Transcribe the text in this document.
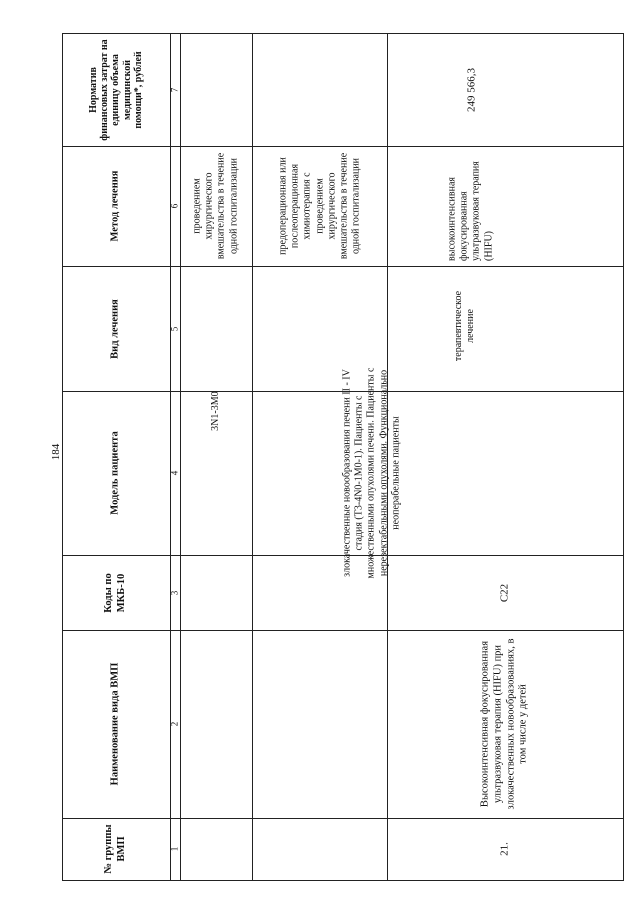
184
№ группы ВМП
Наименование вида ВМП
Коды по МКБ-10
Модель пациента
Вид лечения
Метод лечения
Норматив финансовых затрат на единицу объема медицинской помощи*, рублей
1
2
3
4
5
6
7
3N1-3M0
проведением хирургического вмешательства в течение одной госпитализации	предоперационная или послеоперационная химиотерапия с проведением хирургического вмешательства в течение одной госпитализации
21.
Высокоинтенсивная фокусированная ультразвуковая терапия (HIFU) при злокачественных новообразованиях, в том числе у детей
C22
злокачественные новообразования печени II - IV стадия (T3-4N0-1M0-1). Пациенты с множественными опухолями печени. Пациенты с нерезектабельными опухолями. Функционально неоперабельные пациенты
терапевтическое лечение
высокоинтенсивная фокусированная ультразвуковая терапия (HIFU)
249 566,3
